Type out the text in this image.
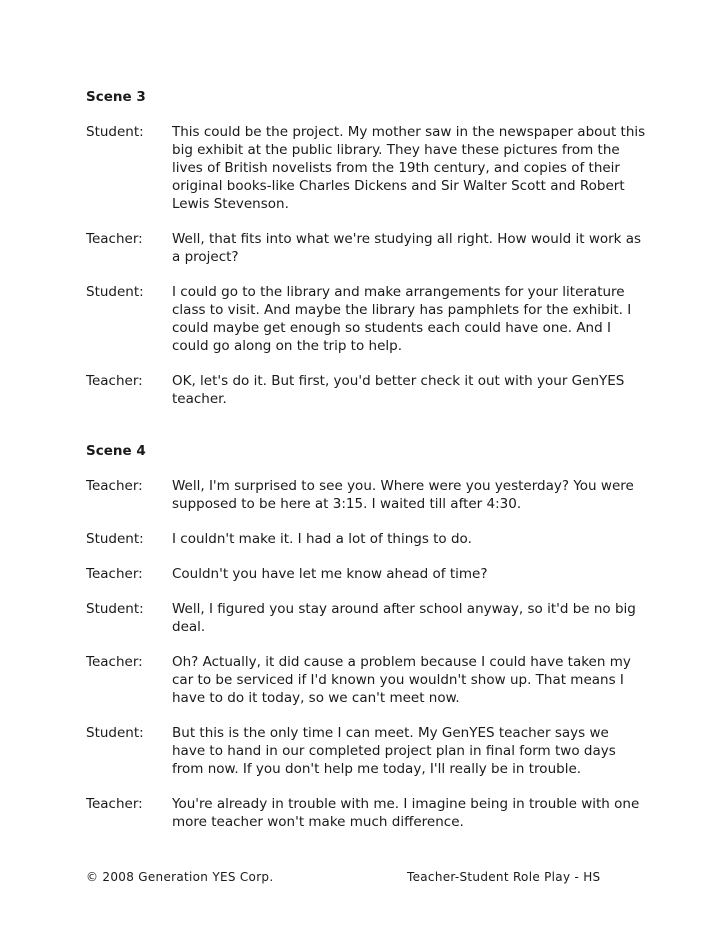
Scene 3
Student:	This could be the project. My mother saw in the newspaper about this big exhibit at the public library. They have these pictures from the lives of British novelists from the 19th century, and copies of their original books-like Charles Dickens and Sir Walter Scott and Robert Lewis Stevenson.
Teacher:	Well, that fits into what we're studying all right. How would it work as a project?
Student:	I could go to the library and make arrangements for your literature class to visit. And maybe the library has pamphlets for the exhibit. I could maybe get enough so students each could have one. And I could go along on the trip to help.
Teacher:	OK, let's do it. But first, you'd better check it out with your GenYES teacher.
Scene 4
Teacher:	Well, I'm surprised to see you. Where were you yesterday? You were supposed to be here at 3:15. I waited till after 4:30.
Student:	I couldn't make it. I had a lot of things to do.
Teacher:	Couldn't you have let me know ahead of time?
Student:	Well, I figured you stay around after school anyway, so it'd be no big deal.
Teacher:	Oh? Actually, it did cause a problem because I could have taken my car to be serviced if I'd known you wouldn't show up. That means I have to do it today, so we can't meet now.
Student:	But this is the only time I can meet. My GenYES teacher says we have to hand in our completed project plan in final form two days from now. If you don't help me today, I'll really be in trouble.
Teacher:	You're already in trouble with me. I imagine being in trouble with one more teacher won't make much difference.
© 2008 Generation YES Corp.	Teacher-Student Role Play - HS
